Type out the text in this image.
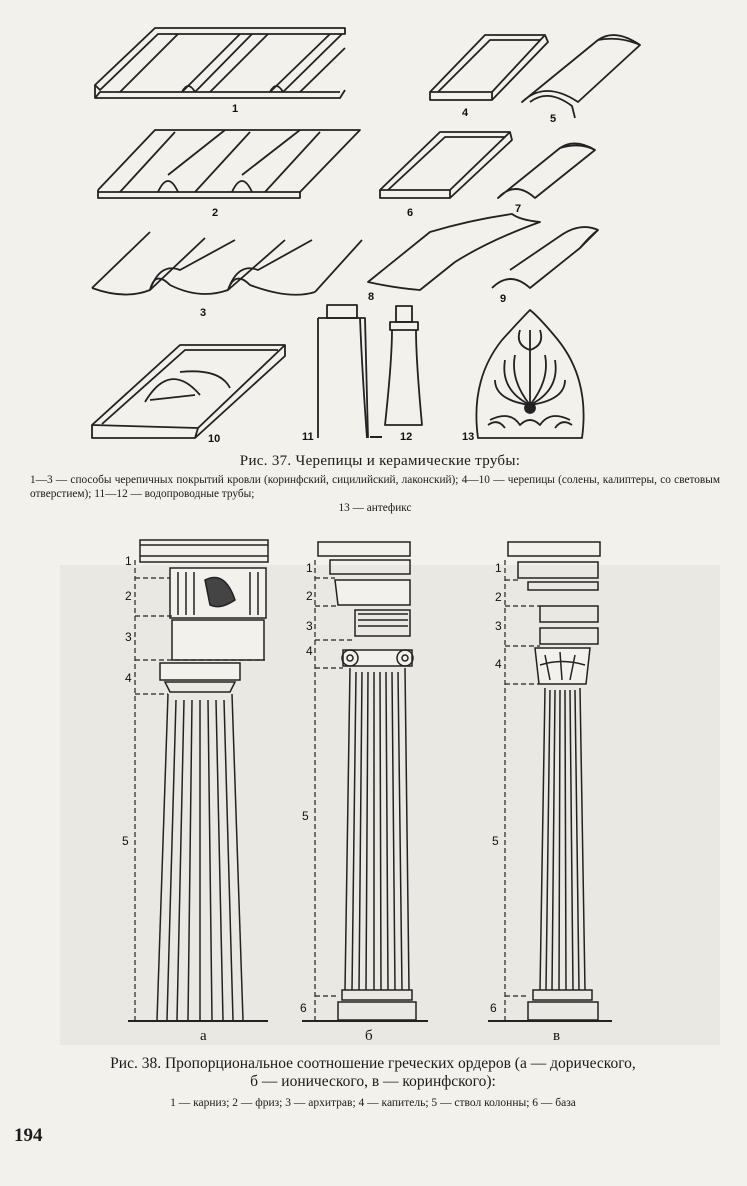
1	4	5
2	6	7
3
8	9
10	11	12	13
Рис. 37. Черепицы и керамические трубы:
1—3 — способы черепичных покрытий кровли (коринфский, сицилийский, лаконский); 4—10 — черепицы (солены, калиптеры, со световым отверстием); 11—12 — водопроводные трубы;
13 — антефикс
1
2
3
4
5
1
2
3
4
5
6
1
2
3
4
5
6
а	б	в
Рис. 38. Пропорциональное соотношение греческих ордеров (а — дорического,
б — ионического, в — коринфского):
1 — карниз; 2 — фриз; 3 — архитрав; 4 — капитель; 5 — ствол колонны; 6 — база
194
